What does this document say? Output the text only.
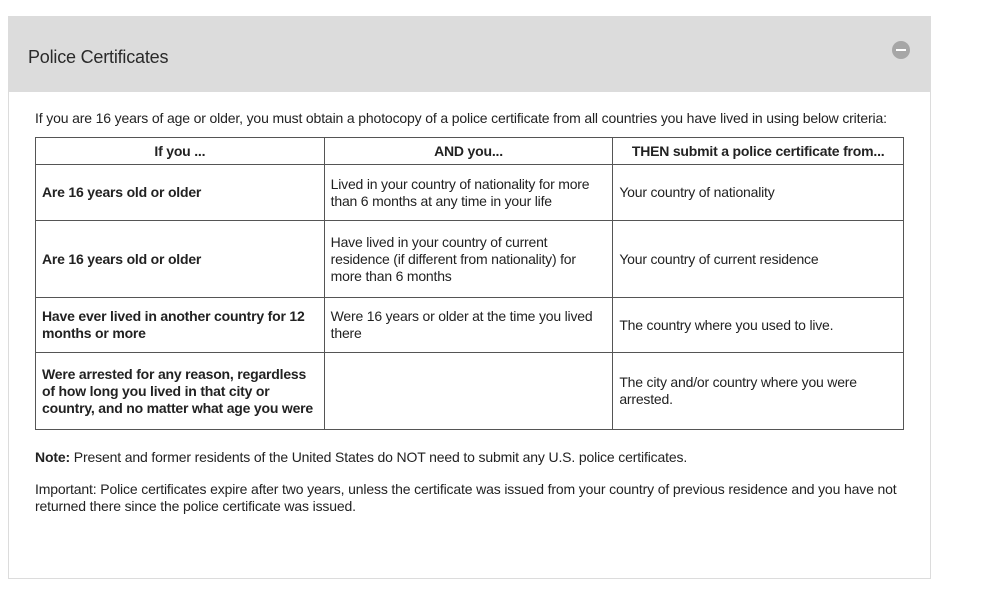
Police Certificates

If you are 16 years of age or older, you must obtain a photocopy of a police certificate from all countries you have lived in using below criteria:

If you ...	AND you...	THEN submit a police certificate from...
Are 16 years old or older	Lived in your country of nationality for more than 6 months at any time in your life	Your country of nationality
Are 16 years old or older	Have lived in your country of current residence (if different from nationality) for more than 6 months	Your country of current residence
Have ever lived in another country for 12 months or more	Were 16 years or older at the time you lived there	The country where you used to live.
Were arrested for any reason, regardless of how long you lived in that city or country, and no matter what age you were		The city and/or country where you were arrested.

Note: Present and former residents of the United States do NOT need to submit any U.S. police certificates.

Important: Police certificates expire after two years, unless the certificate was issued from your country of previous residence and you have not returned there since the police certificate was issued.
